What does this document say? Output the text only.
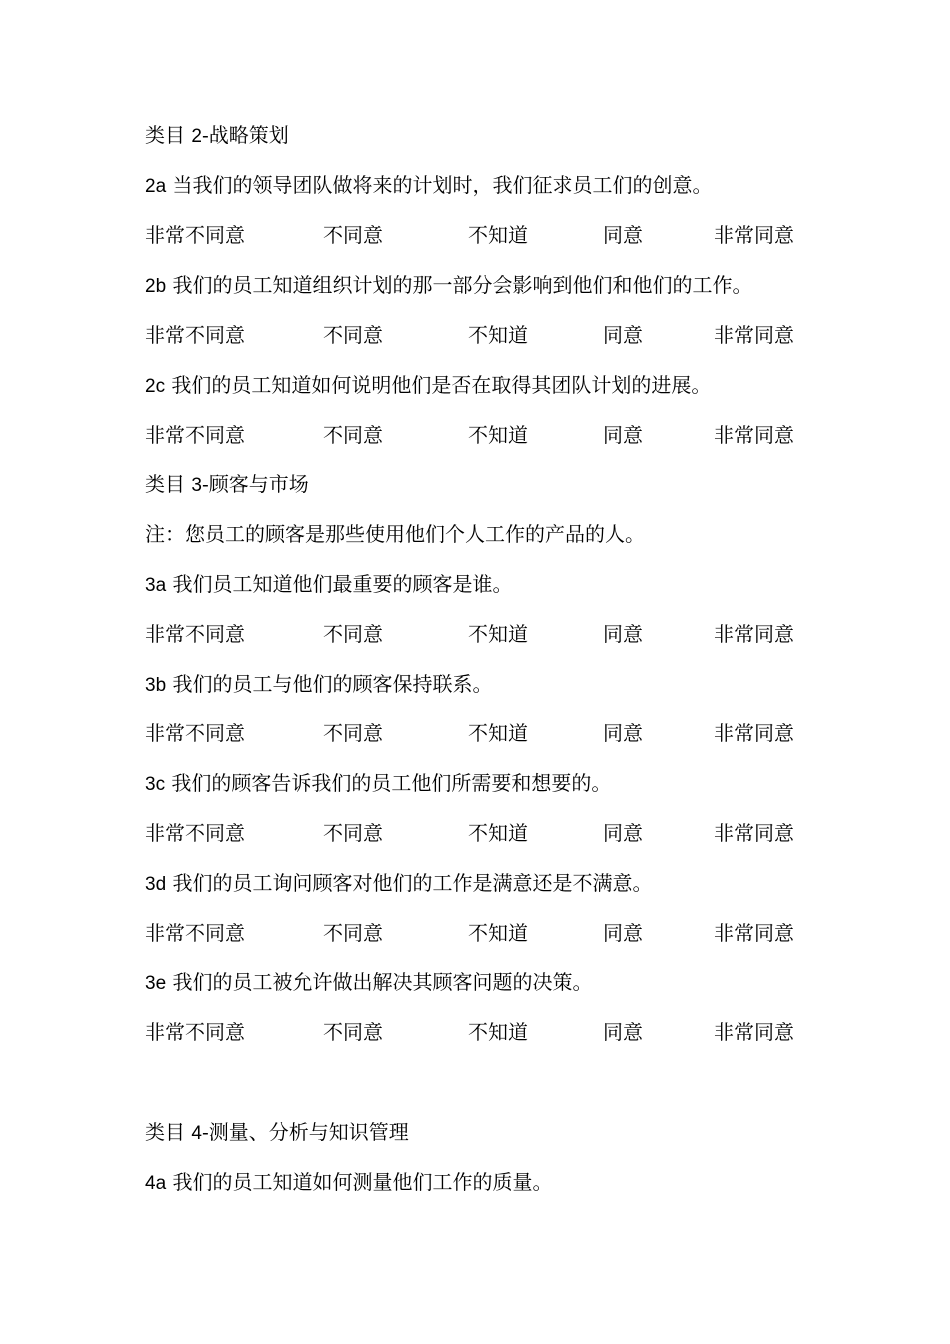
类目 2-战略策划
2a 当我们的领导团队做将来的计划时，我们征求员工们的创意。
非常不同意	不同意	不知道	同意	非常同意
2b 我们的员工知道组织计划的那一部分会影响到他们和他们的工作。
非常不同意	不同意	不知道	同意	非常同意
2c 我们的员工知道如何说明他们是否在取得其团队计划的进展。
非常不同意	不同意	不知道	同意	非常同意
类目 3-顾客与市场
注：您员工的顾客是那些使用他们个人工作的产品的人。
3a 我们员工知道他们最重要的顾客是谁。
非常不同意	不同意	不知道	同意	非常同意
3b 我们的员工与他们的顾客保持联系。
非常不同意	不同意	不知道	同意	非常同意
3c 我们的顾客告诉我们的员工他们所需要和想要的。
非常不同意	不同意	不知道	同意	非常同意
3d 我们的员工询问顾客对他们的工作是满意还是不满意。
非常不同意	不同意	不知道	同意	非常同意
3e 我们的员工被允许做出解决其顾客问题的决策。
非常不同意	不同意	不知道	同意	非常同意
类目 4-测量、分析与知识管理
4a 我们的员工知道如何测量他们工作的质量。
